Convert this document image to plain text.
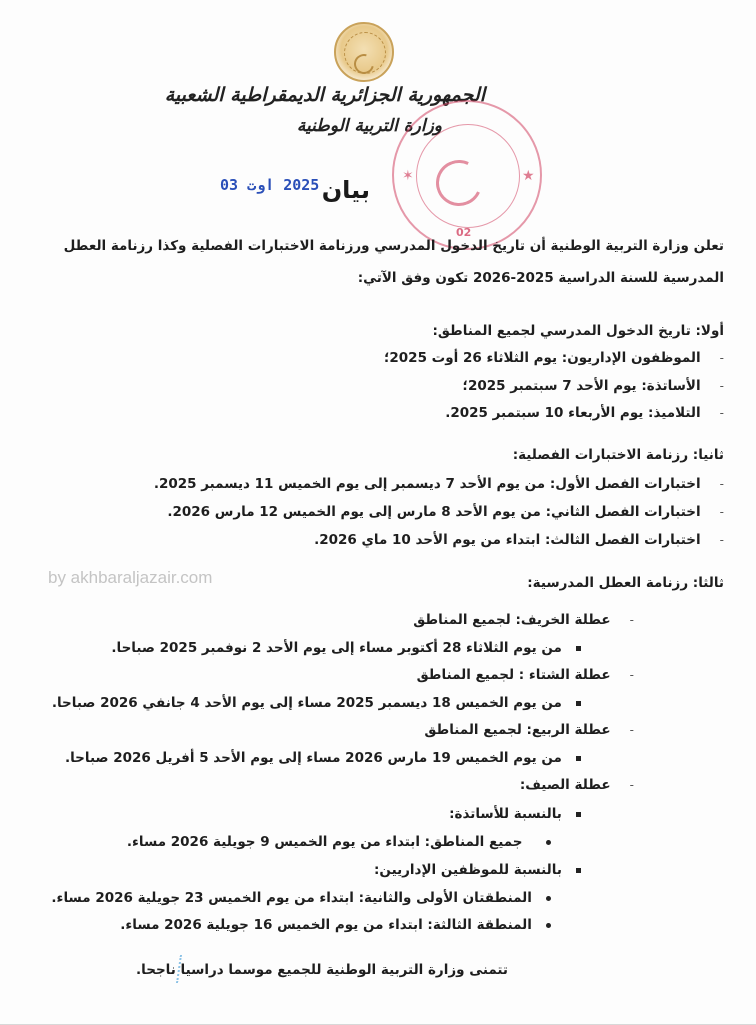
الجمهورية الجزائرية الديمقراطية الشعبية
وزارة التربية الوطنية
✶	★
02
2025 اوت 03 بيان
تعلن وزارة التربية الوطنية أن تاريخ الدخول المدرسي ورزنامة الاختبارات الفصلية وكذا رزنامة العطل
المدرسية للسنة الدراسية 2025-2026 تكون وفق الآتي:
أولا: تاريخ الدخول المدرسي لجميع المناطق:
-     الموظفون الإداريون: يوم الثلاثاء 26 أوت 2025؛
-     الأساتذة: يوم الأحد 7 سبتمبر 2025؛
-     التلاميذ: يوم الأربعاء 10 سبتمبر 2025.
ثانيا: رزنامة الاختبارات الفصلية:
-     اختبارات الفصل الأول: من يوم الأحد 7 ديسمبر إلى يوم الخميس 11 ديسمبر 2025.
-     اختبارات الفصل الثاني: من يوم الأحد 8 مارس إلى يوم الخميس 12 مارس 2026.
-     اختبارات الفصل الثالث: ابتداء من يوم الأحد 10 ماي 2026.
by akhbaraljazair.com	ثالثا: رزنامة العطل المدرسية:
-     عطلة الخريف: لجميع المناطق
من يوم الثلاثاء 28 أكتوبر مساء إلى يوم الأحد 2 نوفمبر 2025 صباحا.
-     عطلة الشتاء : لجميع المناطق
من يوم الخميس 18 ديسمبر 2025 مساء إلى يوم الأحد 4 جانفي 2026 صباحا.
-     عطلة الربيع: لجميع المناطق
من يوم الخميس 19 مارس 2026 مساء إلى يوم الأحد 5 أفريل 2026 صباحا.
-     عطلة الصيف:
بالنسبة للأساتذة:
جميع المناطق: ابتداء من يوم الخميس 9 جويلية 2026 مساء.
بالنسبة للموظفين الإداريين:
المنطقتان الأولى والثانية: ابتداء من يوم الخميس 23 جويلية 2026 مساء.
المنطقة الثالثة: ابتداء من يوم الخميس 16 جويلية 2026 مساء.
تتمنى وزارة التربية الوطنية للجميع موسما دراسيا ناجحا.
